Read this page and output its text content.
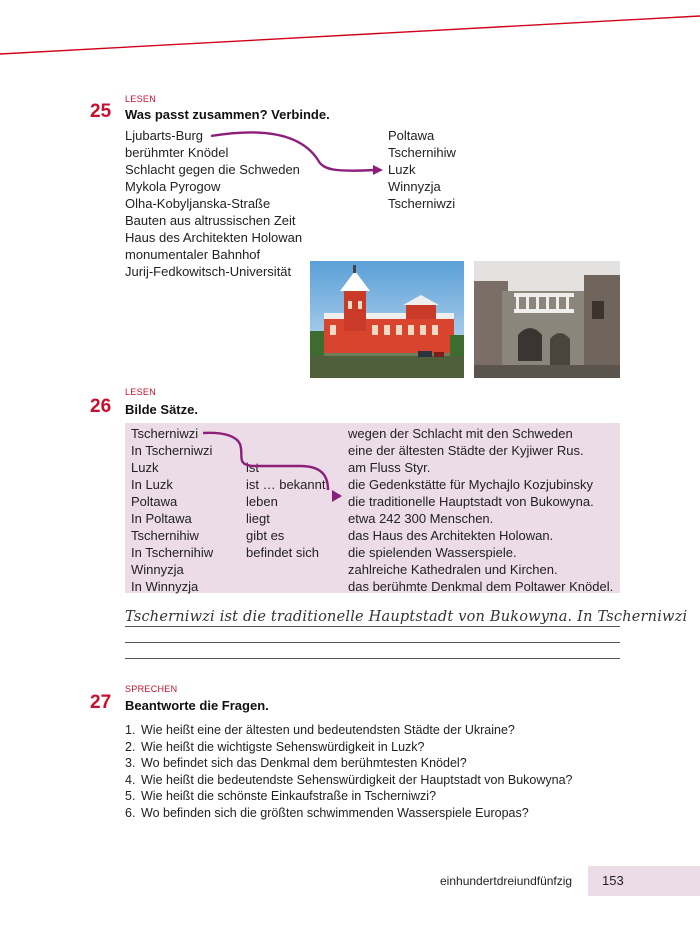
LESEN
25 Was passt zusammen? Verbinde.
Ljubarts-Burg
berühmter Knödel
Schlacht gegen die Schweden
Mykola Pyrogow
Olha-Kobyljanska-Straße
Bauten aus altrussischen Zeit
Haus des Architekten Holowan
monumentaler Bahnhof
Jurij-Fedkowitsch-Universität
Poltawa
Tschernihiw
Luzk
Winnyzja
Tscherniwzi
LESEN
26 Bilde Sätze.
Tscherniwzi
In Tscherniwzi
Luzk
In Luzk
Poltawa
In Poltawa
Tschernihiw
In Tschernihiw
Winnyzja
In Winnyzja

ist
ist … bekannt
leben
liegt
gibt es
befindet sich

wegen der Schlacht mit den Schweden
eine der ältesten Städte der Kyjiwer Rus.
am Fluss Styr.
die Gedenkstätte für Mychajlo Kozjubinsky
die traditionelle Hauptstadt von Bukowyna.
etwa 242 300 Menschen.
das Haus des Architekten Holowan.
die spielenden Wasserspiele.
zahlreiche Kathedralen und Kirchen.
das berühmte Denkmal dem Poltawer Knödel.
Tscherniwzi ist die traditionelle Hauptstadt von Bukowyna. In Tscherniwzi
SPRECHEN
27 Beantworte die Fragen.
1. Wie heißt eine der ältesten und bedeutendsten Städte der Ukraine?
2. Wie heißt die wichtigste Sehenswürdigkeit in Luzk?
3. Wo befindet sich das Denkmal dem berühmtesten Knödel?
4. Wie heißt die bedeutendste Sehenswürdigkeit der Hauptstadt von Bukowyna?
5. Wie heißt die schönste Einkaufstraße in Tscherniwzi?
6. Wo befinden sich die größten schwimmenden Wasserspiele Europas?
einhundertdreiundfünfzig 153
